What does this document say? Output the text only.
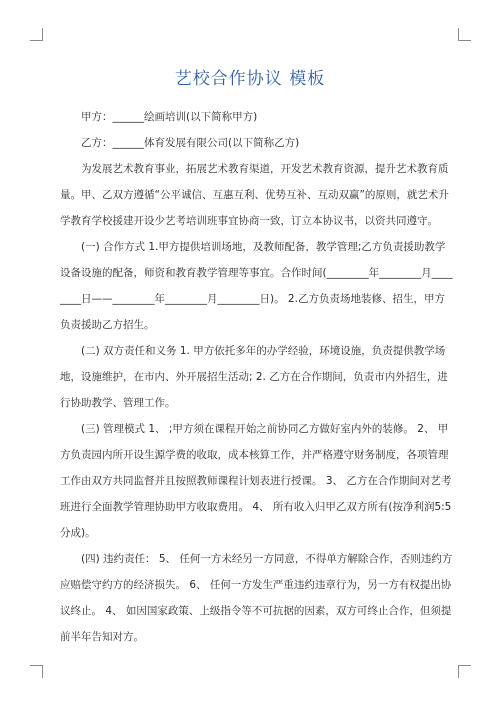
艺校合作协议 模板
甲方：______绘画培训(以下简称甲方)
乙方：______体育发展有限公司(以下简称乙方)
为发展艺术教育事业，拓展艺术教育渠道，开发艺术教育资源，提升艺术教育质
量。甲、乙双方遵循“公平诚信、互惠互利、优势互补、互动双赢”的原则，就艺术升
学教育学校援建开设少艺考培训班事宜协商一致，订立本协议书，以资共同遵守。
(一) 合作方式 1.甲方提供培训场地，及教师配备，教学管理;乙方负责援助教学
设备设施的配备，师资和教育教学管理等事宜。合作时间(________年________月____
____日——________年________月________日)。 2.乙方负责场地装修、招生，甲方
负责援助乙方招生。
(二) 双方责任和义务 1. 甲方依托多年的办学经验，环境设施，负责提供教学场
地，设施维护，在市内、外开展招生活动; 2. 乙方在合作期间，负责市内外招生，进
行协助教学、管理工作。
(三) 管理模式 1、 ;甲方须在课程开始之前协同乙方做好室内外的装修。 2、 甲
方负责园内所开设生源学费的收取，成本核算工作，并严格遵守财务制度，各项管理
工作由双方共同监督并且按照教师课程计划表进行授课。 3、 乙方在合作期间对艺考
班进行全面教学管理协助甲方收取费用。 4、 所有收入归甲乙双方所有(按净利润5:5
分成)。
(四) 违约责任： 5、 任何一方未经另一方同意，不得单方解除合作，否则违约方
应赔偿守约方的经济损失。 6、 任何一方发生严重违约违章行为，另一方有权提出协
议终止。 4、 如因国家政策、上级指令等不可抗据的因素，双方可终止合作，但须提
前半年告知对方。
